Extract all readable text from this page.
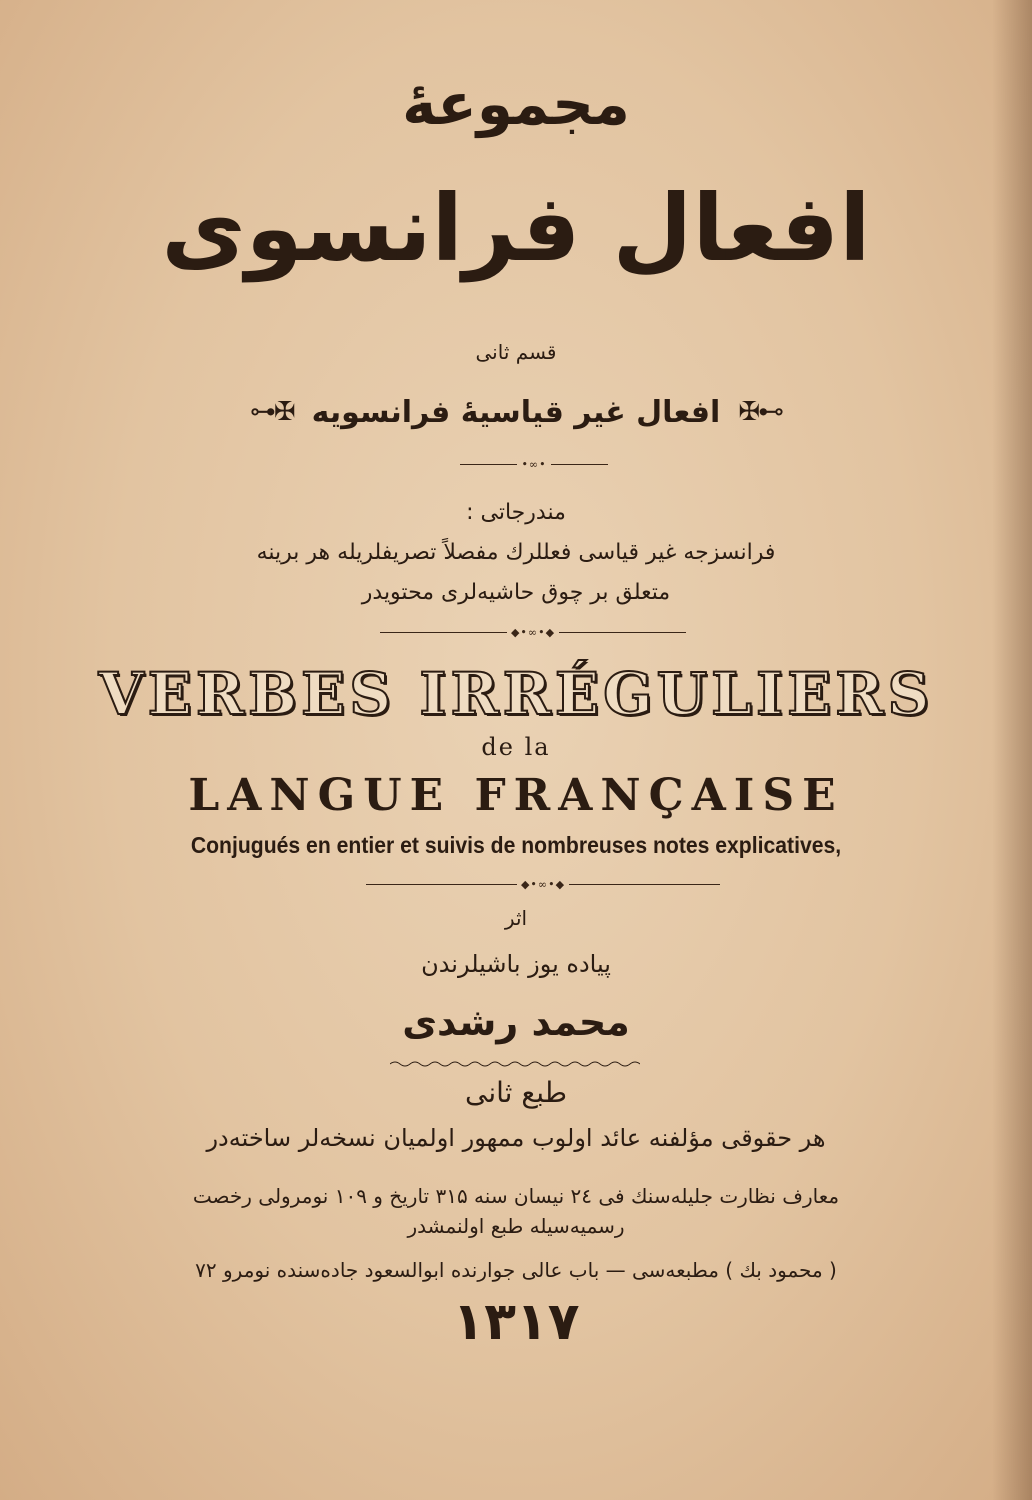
مجموعهٔ
افعال فرانسوی
قسم ثانی
⊶✠ افعال غیر قیاسیهٔ فرانسویه ✠⊷
•∞•
مندرجاتی :
فرانسزجه غیر قیاسی فعللرك مفصلاً تصریفلریله هر برینه
متعلق بر چوق حاشیه‌لری محتویدر
◆•∞•◆
VERBES IRRÉGULIERS
de la
LANGUE FRANÇAISE
Conjugués en entier et suivis de nombreuses notes explicatives,
◆•∞•◆
اثر
پیاده یوز باشیلرندن
محمد رشدی
طبع ثانی
هر حقوقی مؤلفنه عائد اولوب ممهور اولمیان نسخه‌لر ساخته‌در
معارف نظارت جلیله‌سنك فی ۲٤ نیسان سنه ۳۱۵ تاریخ و ۱۰۹ نومرولی رخصت
رسمیه‌سیله طبع اولنمشدر
( محمود بك ) مطبعه‌سی — باب عالی جوارنده ابوالسعود جاده‌سنده نومرو ۷۲
۱۳۱۷
